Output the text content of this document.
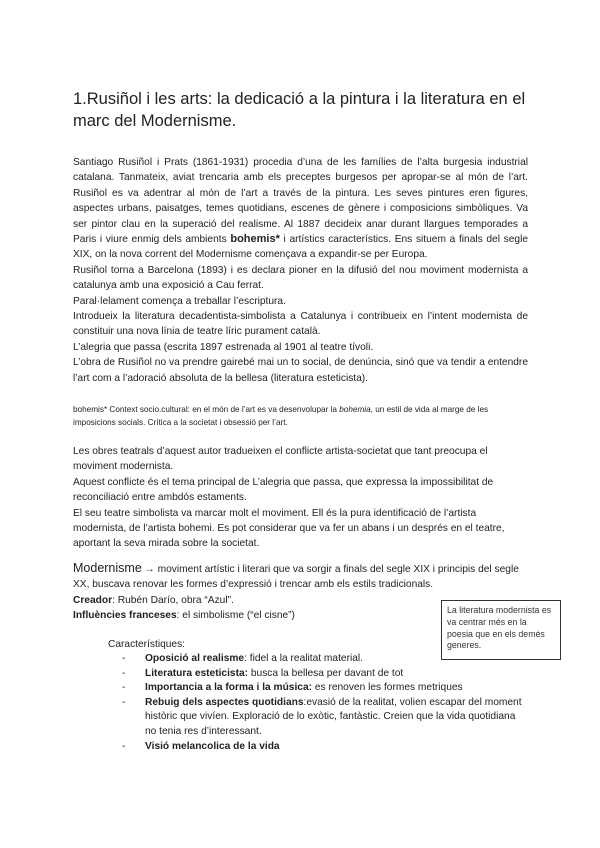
1.Rusiñol i les arts: la dedicació a la pintura i la literatura en el marc del Modernisme.

Santiago Rusiñol i Prats (1861-1931) procedia d’una de les famílies de l’alta burgesia industrial catalana. Tanmateix, aviat trencaria amb els preceptes burgesos per apropar-se al món de l’art. Rusiñol es va adentrar al món de l’art a través de la pintura. Les seves pintures eren figures, aspectes urbans, paisatges, temes quotidians, escenes de gènere i composicions simbòliques. Va ser pintor clau en la superació del realisme. Al 1887 decideix anar durant llargues temporades a Paris i viure enmig dels ambients bohemis* i artístics característics. Ens situem a finals del segle XIX, on la nova corrent del Modernisme començava a expandir-se per Europa.
Rusiñol torna a Barcelona (1893) i es declara pioner en la difusió del nou moviment modernista a catalunya amb una exposició a Cau ferrat.
Paral·lelament comença a treballar l’escriptura.
Introdueix la literatura decadentista-simbolista a Catalunya i contribueix en l’intent modernista de constituir una nova línia de teatre líric purament català.
L’alegria que passa (escrita 1897 estrenada al 1901 al teatre tívoli.
L’obra de Rusiñol no va prendre gairebé mai un to social, de denúncia, sinó que va tendir a entendre l’art com a l’adoració absoluta de la bellesa (literatura esteticista).

bohemis* Context socio.cultural: en el món de l’art es va desenvolupar la bohemia, un estil de vida al marge de les imposicions socials. Crítica a la societat i obsessió per l’art.

Les obres teatrals d’aquest autor tradueixen el conflicte artista-societat que tant preocupa el moviment modernista.
Aquest conflicte és el tema principal de L’alegria que passa, que expressa la impossibilitat de reconciliació entre ambdós estaments.
El seu teatre simbolista va marcar molt el moviment. Ell és la pura identificació de l’artista modernista, de l’artista bohemi. Es pot considerar que va fer un abans i un després en el teatre, aportant la seva mirada sobre la societat.

Modernisme → moviment artístic i literari que va sorgir a finals del segle XIX i principis del segle XX, buscava renovar les formes d’expressió i trencar amb els estils tradicionals.
Creador: Rubén Darío, obra “Azul”.
Influències franceses: el simbolisme (“el cisne”)

La literatura modernista es va centrar més en la poesia que en els demés generes.
Característiques:
- Oposició al realisme: fidel a la realitat material.
- Literatura esteticista: busca la bellesa per davant de tot
- Importancia a la forma i la música: es renoven les formes metriques
- Rebuig dels aspectes quotidians:evasió de la realitat, volien escapar del moment històric que vivíen. Exploració de lo exòtic, fantàstic. Creien que la vida quotidiana no tenia res d’interessant.
- Visió melancolica de la vida
